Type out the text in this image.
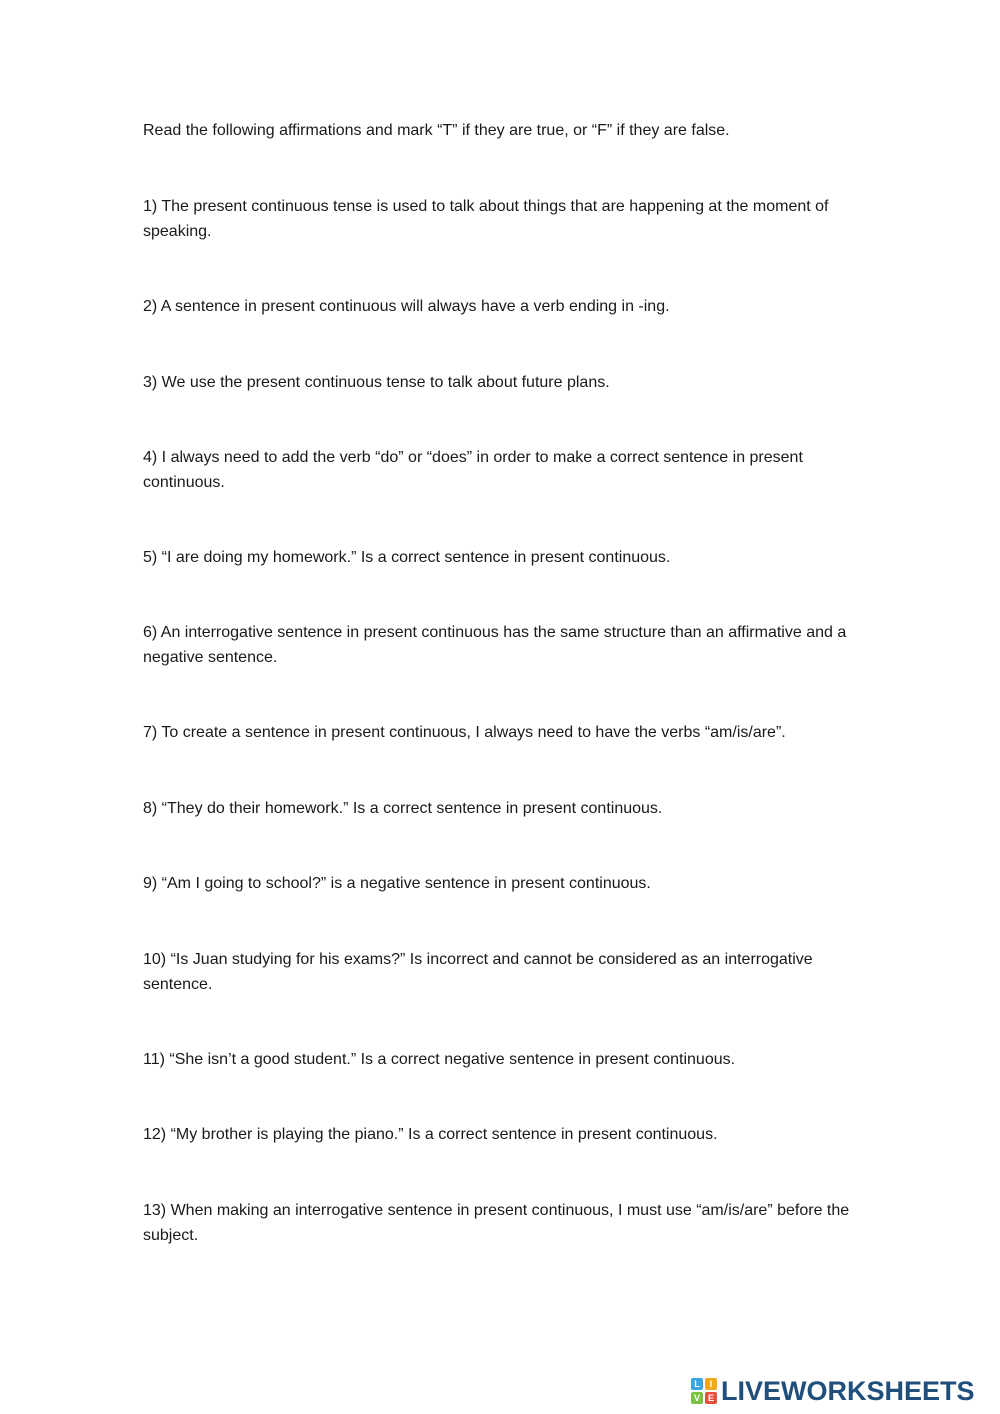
Read the following affirmations and mark “T” if they are true, or “F” if they are false.
1) The present continuous tense is used to talk about things that are happening at the moment of speaking.
2) A sentence in present continuous will always have a verb ending in -ing.
3) We use the present continuous tense to talk about future plans.
4) I always need to add the verb “do” or “does” in order to make a correct sentence in present continuous.
5) “I are doing my homework.” Is a correct sentence in present continuous.
6) An interrogative sentence in present continuous has the same structure than an affirmative and a negative sentence.
7) To create a sentence in present continuous, I always need to have the verbs “am/is/are”.
8) “They do their homework.” Is a correct sentence in present continuous.
9) “Am I going to school?” is a negative sentence in present continuous.
10) “Is Juan studying for his exams?” Is incorrect and cannot be considered as an interrogative sentence.
11) “She isn’t a good student.” Is a correct negative sentence in present continuous.
12) “My brother is playing the piano.” Is a correct sentence in present continuous.
13) When making an interrogative sentence in present continuous, I must use “am/is/are” before the subject.
L	I
V E LIVEWORKSHEETS
